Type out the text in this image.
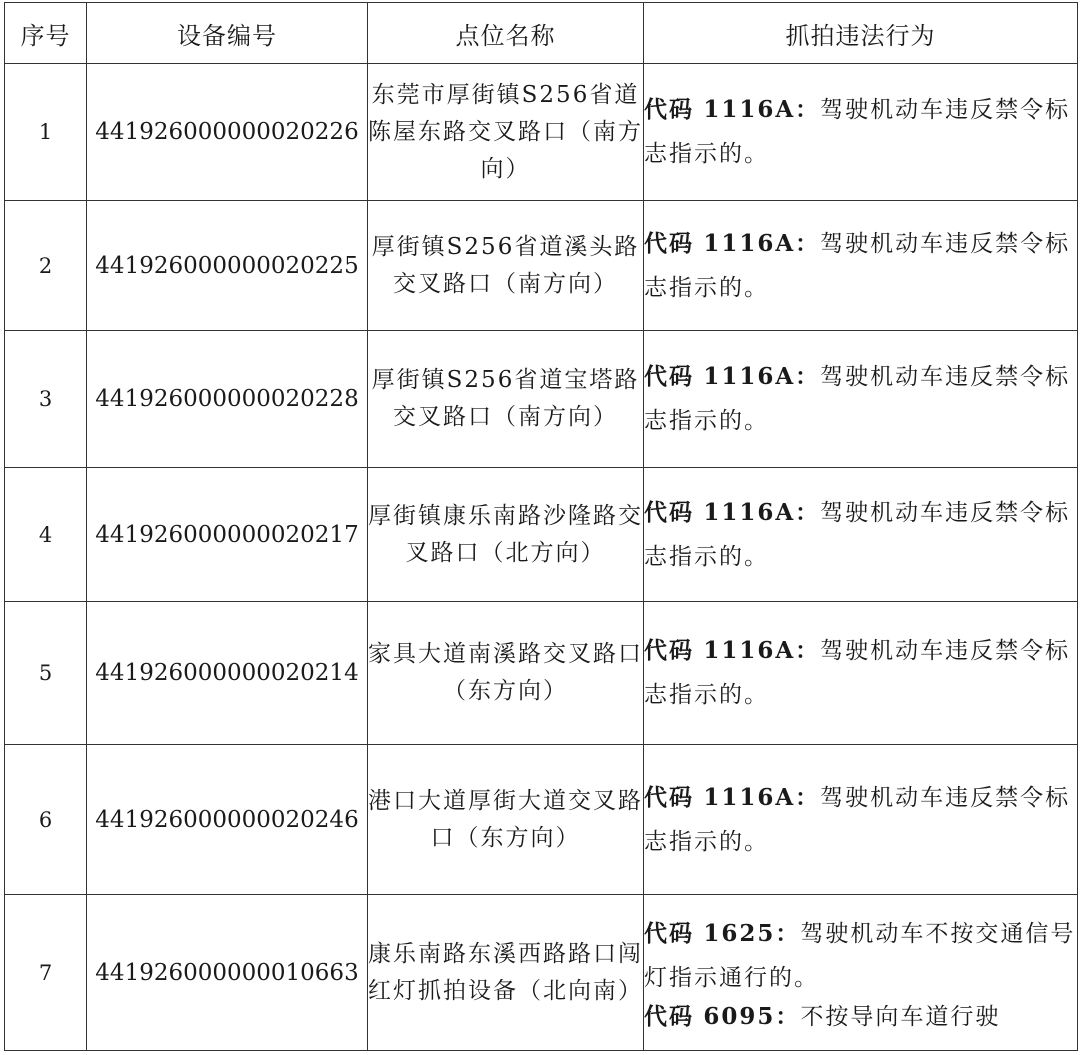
序号	设备编号	点位名称	抓拍违法行为
1	441926000000020226	东莞市厚街镇S256省道陈屋东路交叉路口（南方向）	代码 1116A：驾驶机动车违反禁令标志指示的。
2	441926000000020225	厚街镇S256省道溪头路交叉路口（南方向）	代码 1116A：驾驶机动车违反禁令标志指示的。
3	441926000000020228	厚街镇S256省道宝塔路交叉路口（南方向）	代码 1116A：驾驶机动车违反禁令标志指示的。
4	441926000000020217	厚街镇康乐南路沙隆路交叉路口（北方向）	代码 1116A：驾驶机动车违反禁令标志指示的。
5	441926000000020214	家具大道南溪路交叉路口（东方向）	代码 1116A：驾驶机动车违反禁令标志指示的。
6	441926000000020246	港口大道厚街大道交叉路口（东方向）	代码 1116A：驾驶机动车违反禁令标志指示的。
7	441926000000010663	康乐南路东溪西路路口闯红灯抓拍设备（北向南）	代码 1625：驾驶机动车不按交通信号灯指示通行的。
代码 6095：不按导向车道行驶
